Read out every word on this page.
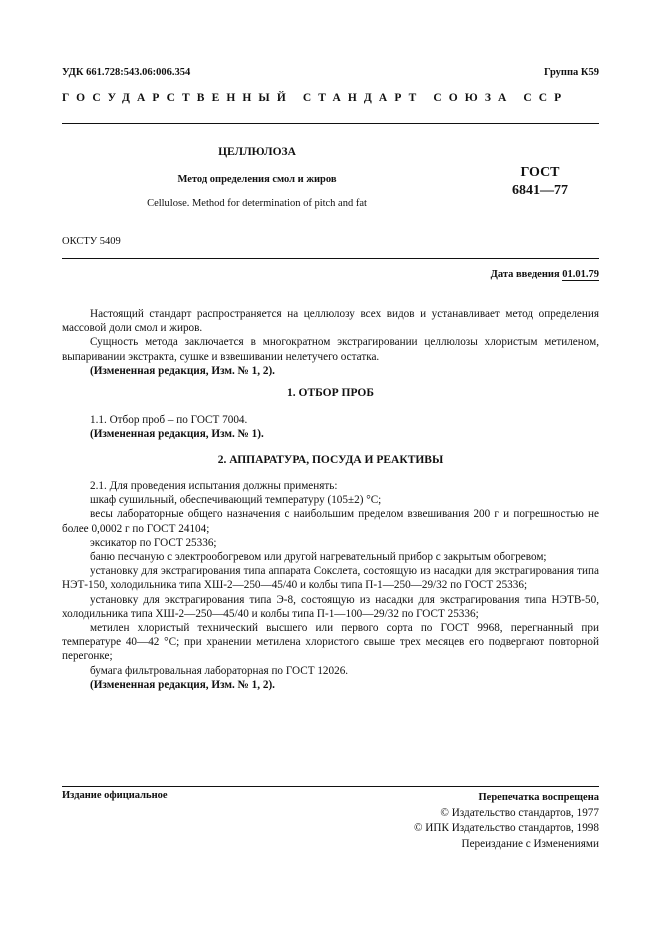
УДК 661.728:543.06:006.354	Группа К59
ГОСУДАРСТВЕННЫЙ СТАНДАРТ СОЮЗА ССР
ЦЕЛЛЮЛОЗА
Метод определения смол и жиров
Cellulose. Method for determination of pitch and fat
ГОСТ
6841—77
ОКСТУ 5409
Дата введения 01.01.79

Настоящий стандарт распространяется на целлюлозу всех видов и устанавливает метод определения массовой доли смол и жиров.

Сущность метода заключается в многократном экстрагировании целлюлозы хлористым метиленом, выпаривании экстракта, сушке и взвешивании нелетучего остатка.

(Измененная редакция, Изм. № 1, 2).

1. ОТБОР ПРОБ

1.1. Отбор проб – по ГОСТ 7004.

(Измененная редакция, Изм. № 1).

2. АППАРАТУРА, ПОСУДА И РЕАКТИВЫ

2.1. Для проведения испытания должны применять:

шкаф сушильный, обеспечивающий температуру (105±2) °C;

весы лабораторные общего назначения с наибольшим пределом взвешивания 200 г и погрешностью не более 0,0002 г по ГОСТ 24104;

эксикатор по ГОСТ 25336;

баню песчаную с электрообогревом или другой нагревательный прибор с закрытым обогревом;

установку для экстрагирования типа аппарата Сокслета, состоящую из насадки для экстрагирования типа НЭТ-150, холодильника типа ХШ-2—250—45/40 и колбы типа П-1—250—29/32 по ГОСТ 25336;

установку для экстрагирования типа Э-8, состоящую из насадки для экстрагирования типа НЭТВ-50, холодильника типа ХШ-2—250—45/40 и колбы типа П-1—100—29/32 по ГОСТ 25336;

метилен хлористый технический высшего или первого сорта по ГОСТ 9968, перегнанный при температуре 40—42 °C; при хранении метилена хлористого свыше трех месяцев его подвергают повторной перегонке;

бумага фильтровальная лабораторная по ГОСТ 12026.

(Измененная редакция, Изм. № 1, 2).

Издание официальное	Перепечатка воспрещена
© Издательство стандартов, 1977
© ИПК Издательство стандартов, 1998
Переиздание с Изменениями
